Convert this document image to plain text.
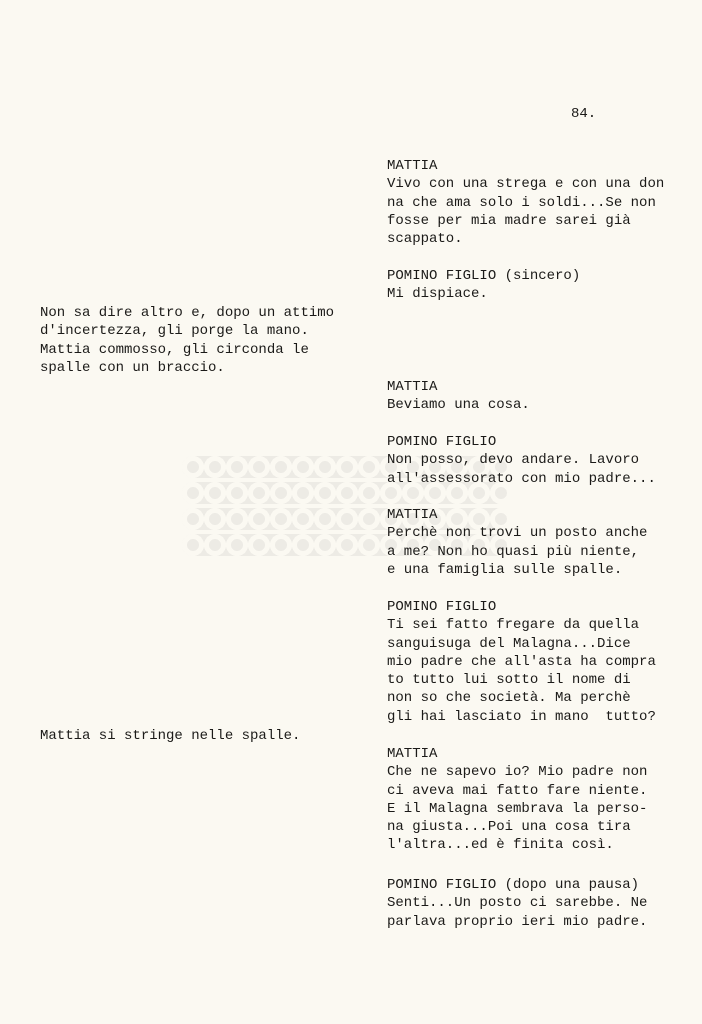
84.
MATTIA
Vivo con una strega e con una don
na che ama solo i soldi...Se non
fosse per mia madre sarei già
scappato.
POMINO FIGLIO (sincero)
Mi dispiace.
MATTIA
Beviamo una cosa.
POMINO FIGLIO
Non posso, devo andare. Lavoro
all'assessorato con mio padre...
MATTIA
Perchè non trovi un posto anche
a me? Non ho quasi più niente,
e una famiglia sulle spalle.
POMINO FIGLIO
Ti sei fatto fregare da quella
sanguisuga del Malagna...Dice
mio padre che all'asta ha compra
to tutto lui sotto il nome di
non so che società. Ma perchè
gli hai lasciato in mano  tutto?
MATTIA
Che ne sapevo io? Mio padre non
ci aveva mai fatto fare niente.
E il Malagna sembrava la perso-
na giusta...Poi una cosa tira
l'altra...ed è finita così.
POMINO FIGLIO (dopo una pausa)
Senti...Un posto ci sarebbe. Ne
parlava proprio ieri mio padre.
Non sa dire altro e, dopo un attimo
d'incertezza, gli porge la mano.
Mattia commosso, gli circonda le
spalle con un braccio.
Mattia si stringe nelle spalle.
